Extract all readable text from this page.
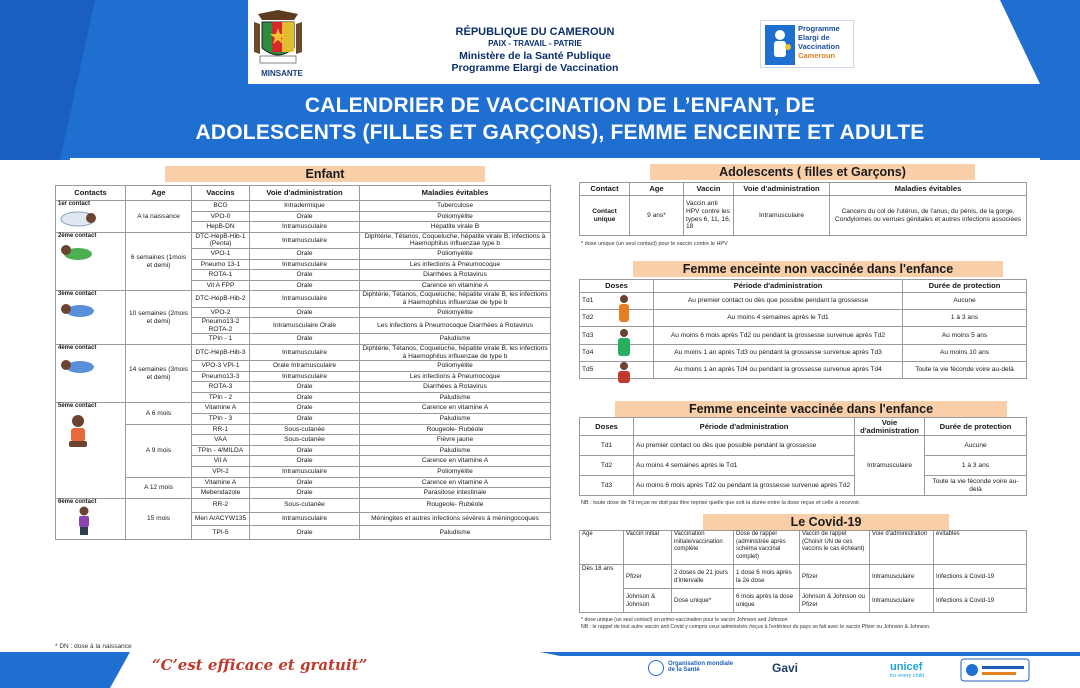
MINSANTE
RÉPUBLIQUE DU CAMEROUN
PAIX - TRAVAIL - PATRIE
Ministère de la Santé Publique
Programme Elargi de Vaccination
Programme
Elargi de
Vaccination
Cameroun
CALENDRIER DE VACCINATION DE L’ENFANT, DE
ADOLESCENTS (FILLES ET GARÇONS), FEMME ENCEINTE ET ADULTE
Enfant
Contacts	Age	Vaccins	Voie d'administration	Maladies évitables

1er contact	A la naissance	BCG	Intradermique	Tuberculose
		VPO-0	Orale	Poliomyélite
		HepB-DN	Intramusculaire	Hépatite virale B

2ème contact	6 semaines (1mois et demi)	DTC-HépB-Hib-1 (Penta)	Intramusculaire	Diphtérie, Tétanos, Coqueluche, hépatite virale B, infections à Haemophilus influenzae type b
		VPO-1	Orale	Poliomyélite
		Pneumo 13-1	Intramusculaire	Les infections à Pneumocoque
		ROTA-1	Orale	Diarrhées à Rotavirus
		Vit A FPP	Orale	Carence en vitamine A

3ème contact	10 semaines (2mois et demi)	DTC-HépB-Hib-2	Intramusculaire	Diphtérie, Tétanos, Coqueluche, hépatite virale B, les infections à Haemophilus influenzae de type b
		VPO-2	Orale	Poliomyélite
		Pneumo13-2 ROTA-2	Intramusculaire Orale	Les infections à Pneumocoque Diarrhées à Rotavirus
		TPIn - 1	Orale	Paludisme

4ème contact	14 semaines (3mois et demi)	DTC-HépB-Hib-3	Intramusculaire	Diphtérie, Tétanos, Coqueluche, hépatite virale B, les infections à Haemophilus influenzae de type b
		VPO-3 VPI-1	Orale Intramusculaire	Poliomyélite
		Pneumo13-3	Intramusculaire	Les infections à Pneumocoque
		ROTA-3	Orale	Diarrhées à Rotavirus
		TPIn - 2	Orale	Paludisme

5ème contact	A 6 mois	Vitamine A	Orale	Carence en vitamine A
		TPIn - 3	Orale	Paludisme
	A 9 mois	RR-1	Sous-cutanée	Rougeole- Rubéole
		VAA	Sous-cutanée	Fièvre jaune
		TPIn - 4/MILDA	Orale	Paludisme
		Vit A	Orale	Carence en vitamine A
		VPI-2	Intramusculaire	Poliomyélite
	A 12 mois	Vitamine A	Orale	Carence en vitamine A
		Mebendazole	Orale	Parasitose intestinale

6ème contact	15 mois	RR-2	Sous-cutanée	Rougeole- Rubéole
		Men A/ACYW135	Intramusculaire	Méningites et autres infections sévères à méningocoques
		TPI-5	Orale	Paludisme
Adolescents ( filles et Garçons)
Contact	Age	Vaccin	Voie d'administration	Maladies évitables
Contact unique	9 ans*	Vaccin anti HPV contre les types 6, 11, 16, 18	Intramusculaire	Cancers du col de l'utérus, de l'anus, du pénis, de la gorge. Condylomes ou verrues génitales et autres infections associées
* dose unique (un seul contact) pour le vaccin contre le HPV
Femme enceinte non vaccinée dans l'enfance
Doses	Période d'administration	Durée de protection
Td1	Au premier contact ou dès que possible pendant la grossesse	Aucune
Td2	Au moins 4 semaines après le Td1	1 à 3 ans
Td3	Au moins 6 mois après Td2 ou pendant la grossesse survenue après Td2	Au moins 5 ans
Td4	Au moins 1 an après Td3 ou pendant la grossesse survenue après Td3	Au moins 10 ans
Td5	Au moins 1 an après Td4 ou pendant la grossesse survenue après Td4	Toute la vie féconde voire au-delà
Femme enceinte vaccinée dans l'enfance
Doses	Période d'administration	Voie d'administration	Durée de protection
Td1	Au premier contact ou dès que possible pendant la grossesse	Intramusculaire	Aucune
Td2	Au moins 4 semaines après le Td1		1 à 3 ans
Td3	Au moins 6 mois après Td2 ou pendant la grossesse survenue après Td2		Toute la vie féconde voire au-delà
NB : toute dose de Td reçue ne doit pas être reprise quelle que soit la durée entre la dose reçue et celle à recevoir.
Le Covid-19
Age	Vaccin initial	Vaccination initiale/vaccination complète	Dose de rappel (administrée après schéma vaccinal complet)	Vaccin de rappel (Choisir UN de ces vaccins le cas échéant)	Voie d'administration	évitables
Dès 18 ans	Pfizer	2 doses de 21 jours d'intervalle	1 dose 6 mois après la 2e dose	Pfizer	Intramusculaire	Infections à Covid-19
	Johnson & Johnson	Dose unique*	6 mois après la dose unique	Johnson & Johnson ou Pfizer	Intramusculaire	Infections à Covid-19
* dose unique (un seul contact) en primo-vaccination pour le vaccin Johnson and Johnson
NB : le rappel de tout autre vaccin anti Covid y compris ceux administrés /reçus à l'extérieur du pays se fait avec le vaccin Pfizer ou Johnson & Johnson.
* DN : dose à la naissance
“C’est efficace et gratuit”	Organisation mondiale de la Santé	Gavi	unicef
for every child
